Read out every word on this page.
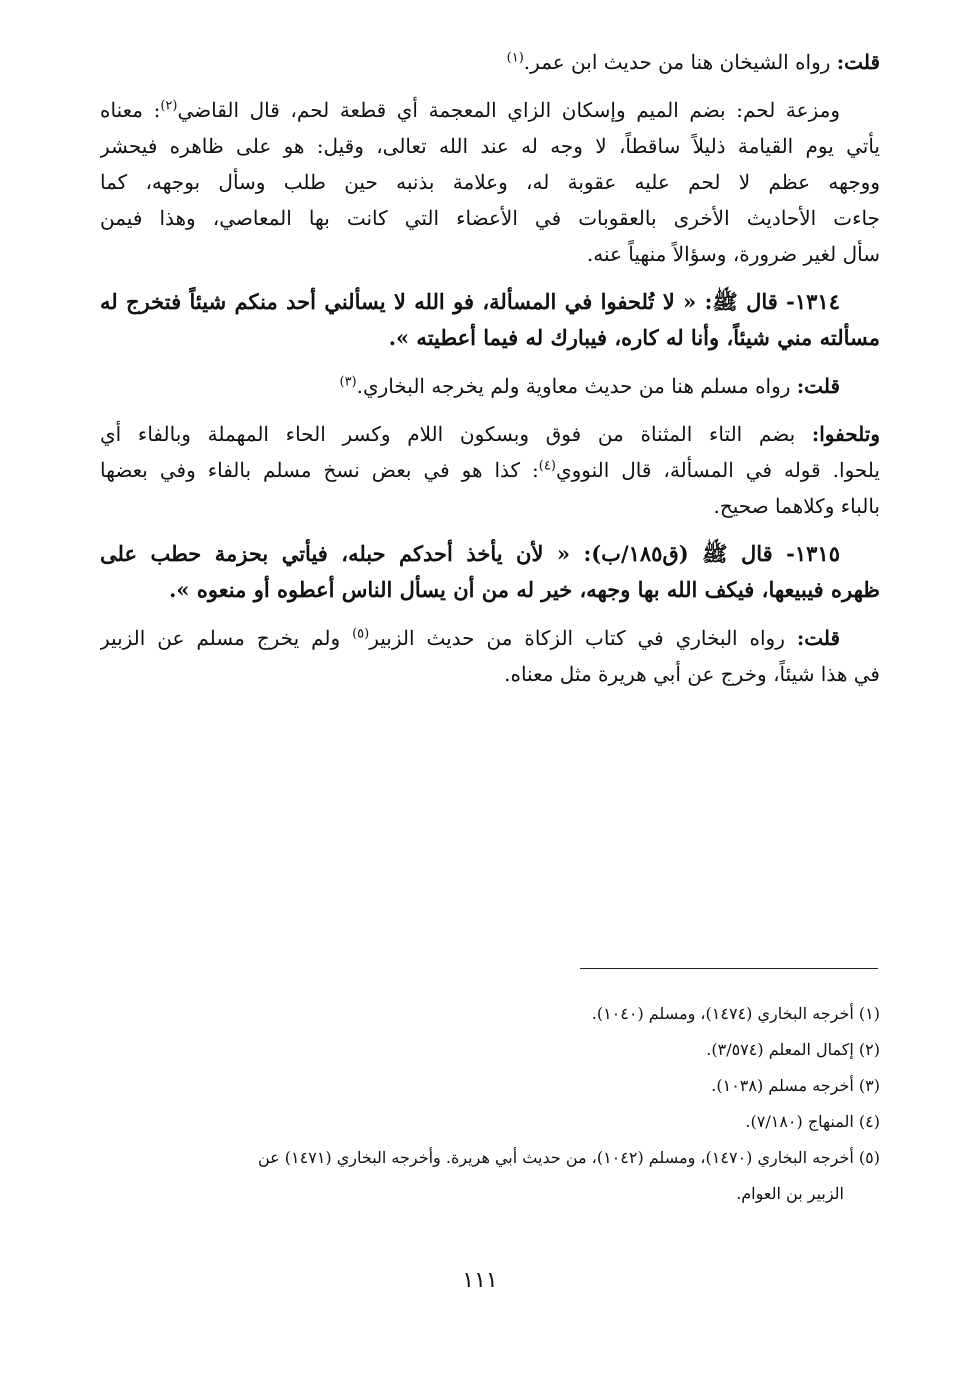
قلت: رواه الشيخان هنا من حديث ابن عمر.$^{(١)}$
ومزعة لحم: بضم الميم وإسكان الزاي المعجمة أي قطعة لحم، قال القاضي$^{(٢)}$: معناه
يأتي يوم القيامة ذليلاً ساقطاً، لا وجه له عند الله تعالى، وقيل: هو على ظاهره فيحشر
ووجهه عظم لا لحم عليه عقوبة له، وعلامة بذنبه حين طلب وسأل بوجهه، كما
جاءت الأحاديث الأخرى بالعقوبات في الأعضاء التي كانت بها المعاصي، وهذا فيمن
سأل لغير ضرورة، وسؤالاً منهياً عنه.
١٣١٤- قال ﷺ: « لا تُلحفوا في المسألة، فو الله لا يسألني أحد منكم شيئاً فتخرج له
مسألته مني شيئاً، وأنا له كاره، فيبارك له فيما أعطيته ».
قلت: رواه مسلم هنا من حديث معاوية ولم يخرجه البخاري.$^{(٣)}$
وتلحفوا: بضم التاء المثناة من فوق وبسكون اللام وكسر الحاء المهملة وبالفاء أي
يلحوا. قوله في المسألة، قال النووي$^{(٤)}$: كذا هو في بعض نسخ مسلم بالفاء وفي بعضها
بالباء وكلاهما صحيح.
١٣١٥- قال ﷺ (ق١٨٥/ب): « لأن يأخذ أحدكم حبله، فيأتي بحزمة حطب على
ظهره فيبيعها، فيكف الله بها وجهه، خير له من أن يسأل الناس أعطوه أو منعوه ».
قلت: رواه البخاري في كتاب الزكاة من حديث الزبير$^{(٥)}$ ولم يخرج مسلم عن الزبير
في هذا شيئاً، وخرج عن أبي هريرة مثل معناه.
(١) أخرجه البخاري (١٤٧٤)، ومسلم (١٠٤٠).
(٢) إكمال المعلم (٣/٥٧٤).
(٣) أخرجه مسلم (١٠٣٨).
(٤) المنهاج (٧/١٨٠).
(٥) أخرجه البخاري (١٤٧٠)، ومسلم (١٠٤٢)، من حديث أبي هريرة. وأخرجه البخاري (١٤٧١) عن
الزبير بن العوام.
١١١
